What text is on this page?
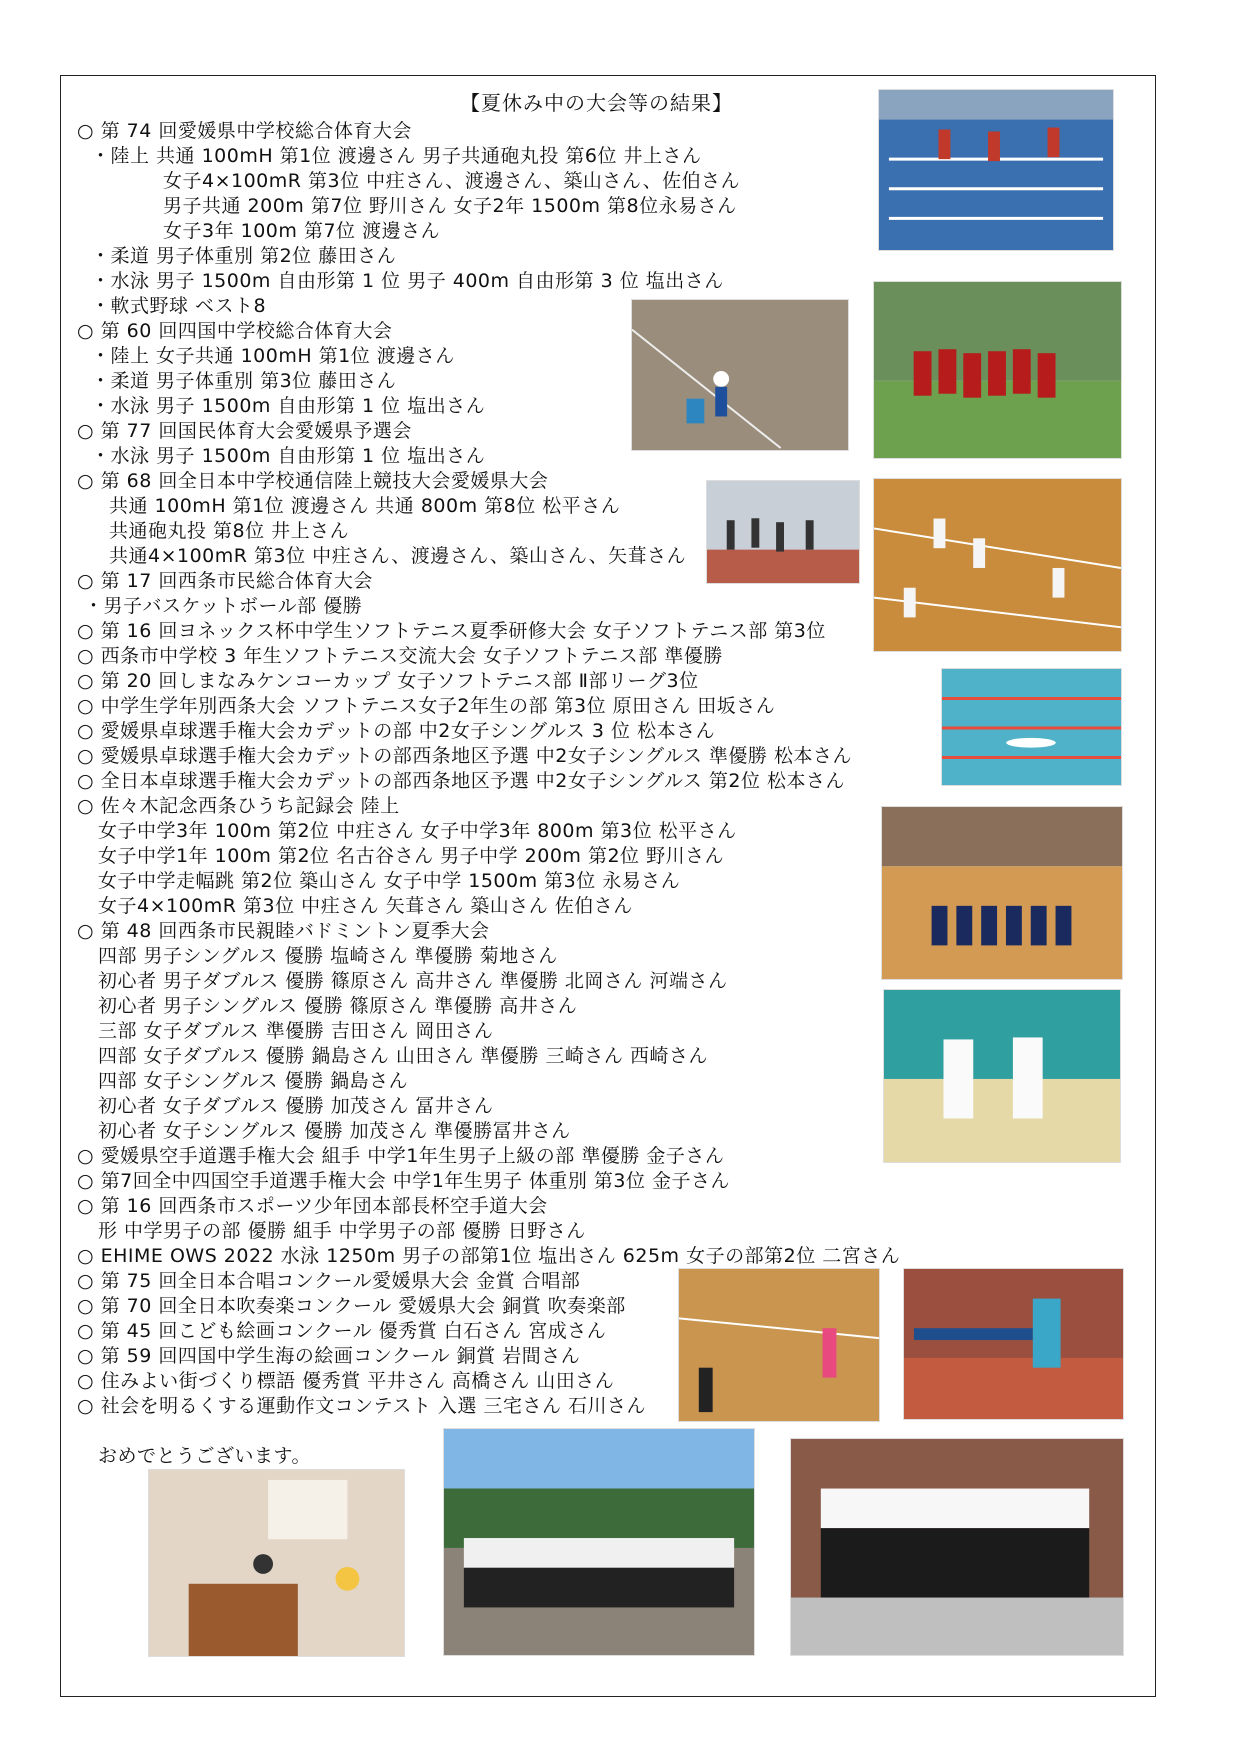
【夏休み中の大会等の結果】
○ 第 74 回愛媛県中学校総合体育大会
・陸上 共通 100mH 第1位 渡邊さん 男子共通砲丸投 第6位 井上さん
女子4×100mR 第3位 中㽵さん、渡邊さん、築山さん、佐伯さん
男子共通 200m 第7位 野川さん 女子2年 1500m 第8位永易さん
女子3年 100m 第7位 渡邊さん
・柔道 男子体重別 第2位 藤田さん
・水泳 男子 1500m 自由形第 1 位 男子 400m 自由形第 3 位 塩出さん
・軟式野球 ベスト8
○ 第 60 回四国中学校総合体育大会
・陸上 女子共通 100mH 第1位 渡邊さん
・柔道 男子体重別 第3位 藤田さん
・水泳 男子 1500m 自由形第 1 位 塩出さん
○ 第 77 回国民体育大会愛媛県予選会
・水泳 男子 1500m 自由形第 1 位 塩出さん
○ 第 68 回全日本中学校通信陸上競技大会愛媛県大会
共通 100mH 第1位 渡邊さん 共通 800m 第8位 松平さん
共通砲丸投 第8位 井上さん
共通4×100mR 第3位 中㽵さん、渡邊さん、築山さん、矢葺さん
○ 第 17 回西条市民総合体育大会
・男子バスケットボール部 優勝
○ 第 16 回ヨネックス杯中学生ソフトテニス夏季研修大会 女子ソフトテニス部 第3位
○ 西条市中学校 3 年生ソフトテニス交流大会 女子ソフトテニス部 準優勝
○ 第 20 回しまなみケンコーカップ 女子ソフトテニス部 Ⅱ部リーグ3位
○ 中学生学年別西条大会 ソフトテニス女子2年生の部 第3位 原田さん 田坂さん
○ 愛媛県卓球選手権大会カデットの部 中2女子シングルス 3 位 松本さん
○ 愛媛県卓球選手権大会カデットの部西条地区予選 中2女子シングルス 準優勝 松本さん
○ 全日本卓球選手権大会カデットの部西条地区予選 中2女子シングルス 第2位 松本さん
○ 佐々木記念西条ひうち記録会 陸上
女子中学3年 100m 第2位 中㽵さん 女子中学3年 800m 第3位 松平さん
女子中学1年 100m 第2位 名古谷さん 男子中学 200m 第2位 野川さん
女子中学走幅跳 第2位 築山さん 女子中学 1500m 第3位 永易さん
女子4×100mR 第3位 中㽵さん 矢葺さん 築山さん 佐伯さん
○ 第 48 回西条市民親睦バドミントン夏季大会
四部 男子シングルス 優勝 塩崎さん 準優勝 菊地さん
初心者 男子ダブルス 優勝 篠原さん 高井さん 準優勝 北岡さん 河端さん
初心者 男子シングルス 優勝 篠原さん 準優勝 高井さん
三部 女子ダブルス 準優勝 吉田さん 岡田さん
四部 女子ダブルス 優勝 鍋島さん 山田さん 準優勝 三崎さん 西崎さん
四部 女子シングルス 優勝 鍋島さん
初心者 女子ダブルス 優勝 加茂さん 冨井さん
初心者 女子シングルス 優勝 加茂さん 準優勝冨井さん
○ 愛媛県空手道選手権大会 組手 中学1年生男子上級の部 準優勝 金子さん
○ 第7回全中四国空手道選手権大会 中学1年生男子 体重別 第3位 金子さん
○ 第 16 回西条市スポーツ少年団本部長杯空手道大会
形 中学男子の部 優勝 組手 中学男子の部 優勝 日野さん
○ EHIME OWS 2022 水泳 1250m 男子の部第1位 塩出さん 625m 女子の部第2位 二宮さん
○ 第 75 回全日本合唱コンクール愛媛県大会 金賞 合唱部
○ 第 70 回全日本吹奏楽コンクール 愛媛県大会 銅賞 吹奏楽部
○ 第 45 回こども絵画コンクール 優秀賞 白石さん 宮成さん
○ 第 59 回四国中学生海の絵画コンクール 銅賞 岩間さん
○ 住みよい街づくり標語 優秀賞 平井さん 高橋さん 山田さん
○ 社会を明るくする運動作文コンテスト 入選 三宅さん 石川さん
おめでとうございます。
